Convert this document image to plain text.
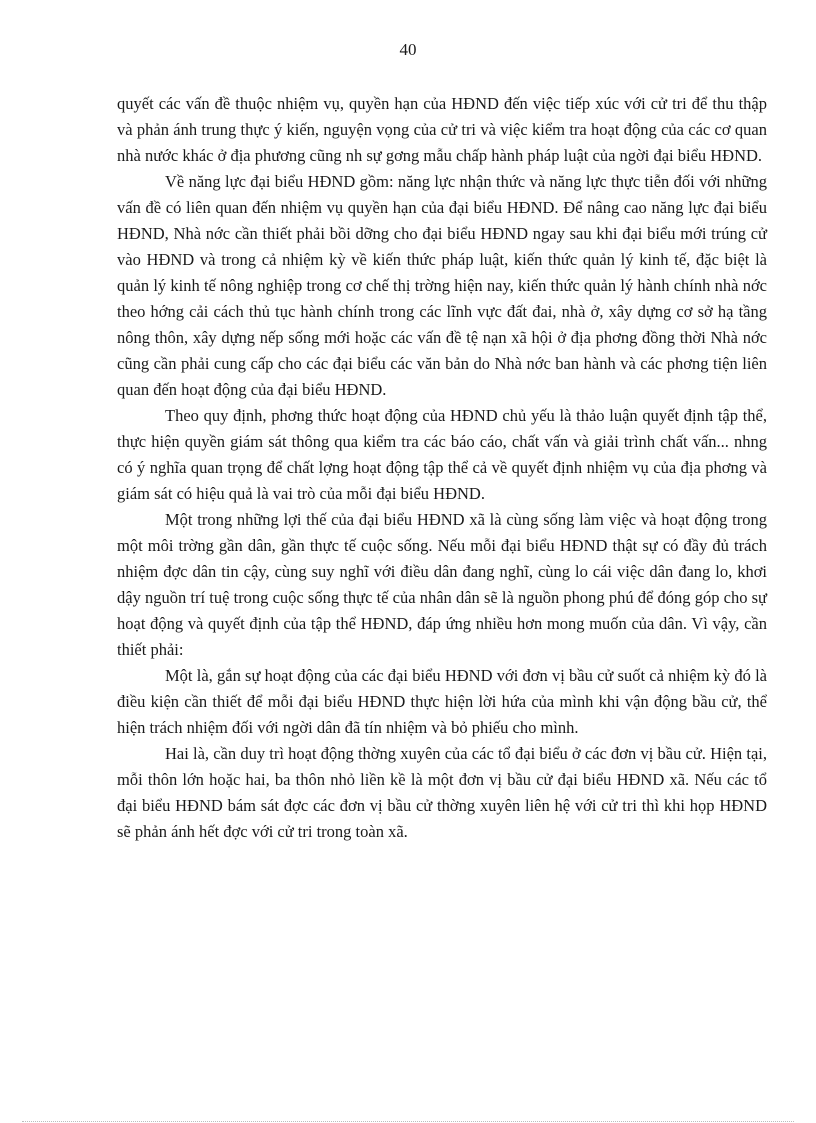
40

quyết các vấn đề thuộc nhiệm vụ, quyền hạn của HĐND đến việc tiếp xúc với cử tri để thu thập và phản ánh trung thực ý kiến, nguyện vọng của cử tri và việc kiểm tra hoạt động của các cơ quan nhà nước khác ở địa phương cũng nh sự gơng mẫu chấp hành pháp luật của ngời đại biểu HĐND.

Về năng lực đại biểu HĐND gồm: năng lực nhận thức và năng lực thực tiễn đối với những vấn đề có liên quan đến nhiệm vụ quyền hạn của đại biểu HĐND. Để nâng cao năng lực đại biểu HĐND, Nhà nớc cần thiết phải bồi dỡng cho đại biểu HĐND ngay sau khi đại biểu mới trúng cử vào HĐND và trong cả nhiệm kỳ về kiến thức pháp luật, kiến thức quản lý kinh tế, đặc biệt là quản lý kinh tế nông nghiệp trong cơ chế thị trờng hiện nay, kiến thức quản lý hành chính nhà nớc theo hớng cải cách thủ tục hành chính trong các lĩnh vực đất đai, nhà ở, xây dựng cơ sở hạ tầng nông thôn, xây dựng nếp sống mới hoặc các vấn đề tệ nạn xã hội ở địa phơng đồng thời Nhà nớc cũng cần phải cung cấp cho các đại biểu các văn bản do Nhà nớc ban hành và các phơng tiện liên quan đến hoạt động của đại biểu HĐND.

Theo quy định, phơng thức hoạt động của HĐND chủ yếu là thảo luận quyết định tập thể, thực hiện quyền giám sát thông qua kiểm tra các báo cáo, chất vấn và giải trình chất vấn... nhng có ý nghĩa quan trọng để chất lợng hoạt động tập thể cả về quyết định nhiệm vụ của địa phơng và giám sát có hiệu quả là vai trò của mỗi đại biểu HĐND.

Một trong những lợi thế của đại biểu HĐND xã là cùng sống làm việc và hoạt động trong một môi trờng gần dân, gần thực tế cuộc sống. Nếu mỗi đại biểu HĐND thật sự có đầy đủ trách nhiệm đợc dân tin cậy, cùng suy nghĩ với điều dân đang nghĩ, cùng lo cái việc dân đang lo, khơi dậy nguồn trí tuệ trong cuộc sống thực tế của nhân dân sẽ là nguồn phong phú để đóng góp cho sự hoạt động và quyết định của tập thể HĐND, đáp ứng nhiều hơn mong muốn của dân. Vì vậy, cần thiết phải:

Một là, gắn sự hoạt động của các đại biểu HĐND với đơn vị bầu cử suốt cả nhiệm kỳ đó là điều kiện cần thiết để mỗi đại biểu HĐND thực hiện lời hứa của mình khi vận động bầu cử, thể hiện trách nhiệm đối với ngời dân đã tín nhiệm và bỏ phiếu cho mình.

Hai là, cần duy trì hoạt động thờng xuyên của các tổ đại biểu ở các đơn vị bầu cử. Hiện tại, mỗi thôn lớn hoặc hai, ba thôn nhỏ liền kề là một đơn vị bầu cử đại biểu HĐND xã. Nếu các tổ đại biểu HĐND bám sát đợc các đơn vị bầu cử thờng xuyên liên hệ với cử tri thì khi họp HĐND sẽ phản ánh hết đợc với cử tri trong toàn xã.
